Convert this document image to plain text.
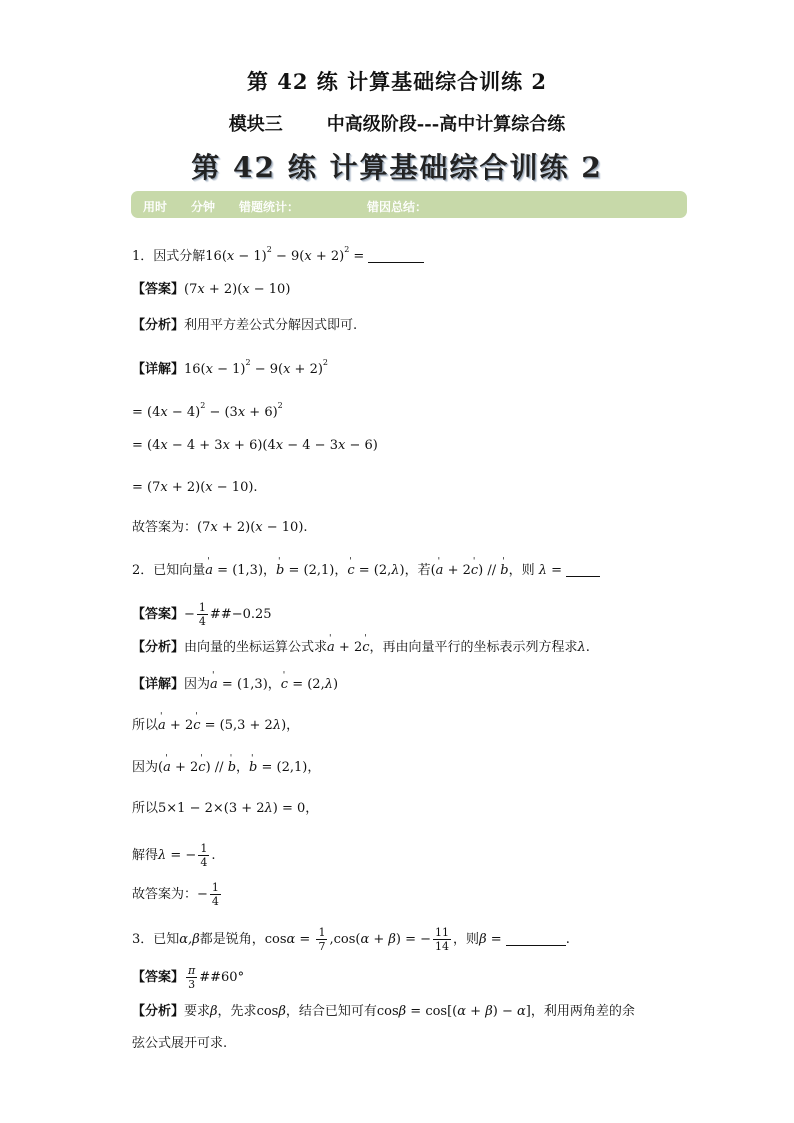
第 42 练 计算基础综合训练 2
模块三 中高级阶段---高中计算综合练
第 42 练 计算基础综合训练 2
用时 分钟 错题统计：	错因总结：
1．因式分解$16(x - 1)^2 - 9(x + 2)^2$ =
【答案】(7x + 2)(x − 10)
【分析】利用平方差公式分解因式即可.
【详解】$16(x - 1)^2 - 9(x + 2)^2$
= $(4x - 4)^2 - (3x + 6)^2$
= (4x − 4 + 3x + 6)(4x − 4 − 3x − 6)
= (7x + 2)(x − 10).
故答案为：(7x + 2)(x − 10).
2．已知向量' a = (1,3)，' b = (2,1)，' c = (2,λ)，若(' a + 2' c) // ' b，则 λ =
【答案】− $\frac{1}{4}$ ##−0.25
【分析】由向量的坐标运算公式求' a + 2' c，再由向量平行的坐标表示列方程求λ.
【详解】因为' a = (1,3)，' c = (2,λ)
所以' a + 2' c = (5,3 + 2λ)，
因为(' a + 2' c) // ' b，' b = (2,1)，
所以5×1 − 2×(3 + 2λ) = 0，
解得λ = − $\frac{1}{4}$ .
故答案为：− $\frac{1}{4}$
3．已知α,β都是锐角，$\cos\alpha = \frac{1}{7} ,\cos(\alpha + \beta)$ = − $\frac{11}{14}$ ，则β =	.
【答案】 $\frac{\pi}{3}$ ##60°
【分析】要求β，先求cosβ，结合已知可有cosβ = cos[(α + β) − α]，利用两角差的余
弦公式展开可求.
